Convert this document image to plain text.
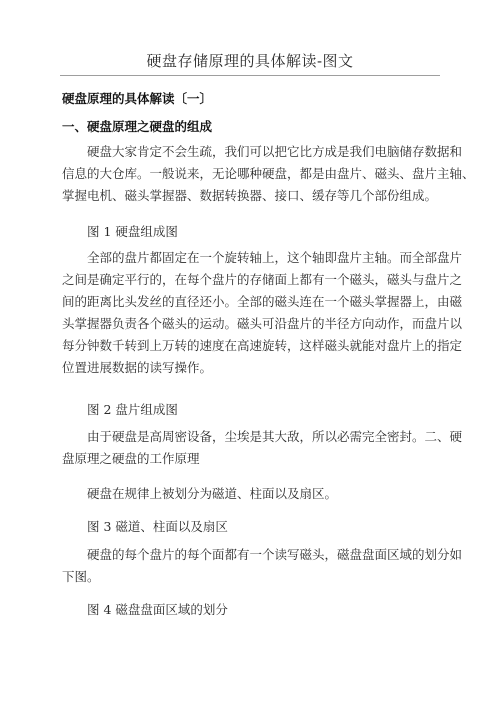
硬盘存储原理的具体解读-图文
硬盘原理的具体解读〔一〕
一、硬盘原理之硬盘的组成
硬盘大家肯定不会生疏，我们可以把它比方成是我们电脑储存数据和
信息的大仓库。一般说来，无论哪种硬盘，都是由盘片、磁头、盘片主轴、
掌握电机、磁头掌握器、数据转换器、接口、缓存等几个部份组成。
图 1 硬盘组成图
全部的盘片都固定在一个旋转轴上，这个轴即盘片主轴。而全部盘片
之间是确定平行的，在每个盘片的存储面上都有一个磁头，磁头与盘片之
间的距离比头发丝的直径还小。全部的磁头连在一个磁头掌握器上，由磁
头掌握器负责各个磁头的运动。磁头可沿盘片的半径方向动作，而盘片以
每分钟数千转到上万转的速度在高速旋转，这样磁头就能对盘片上的指定
位置进展数据的读写操作。
图 2 盘片组成图
由于硬盘是高周密设备，尘埃是其大敌，所以必需完全密封。二、硬
盘原理之硬盘的工作原理
硬盘在规律上被划分为磁道、柱面以及扇区。
图 3 磁道、柱面以及扇区
硬盘的每个盘片的每个面都有一个读写磁头，磁盘盘面区域的划分如
下图。
图 4 磁盘盘面区域的划分
